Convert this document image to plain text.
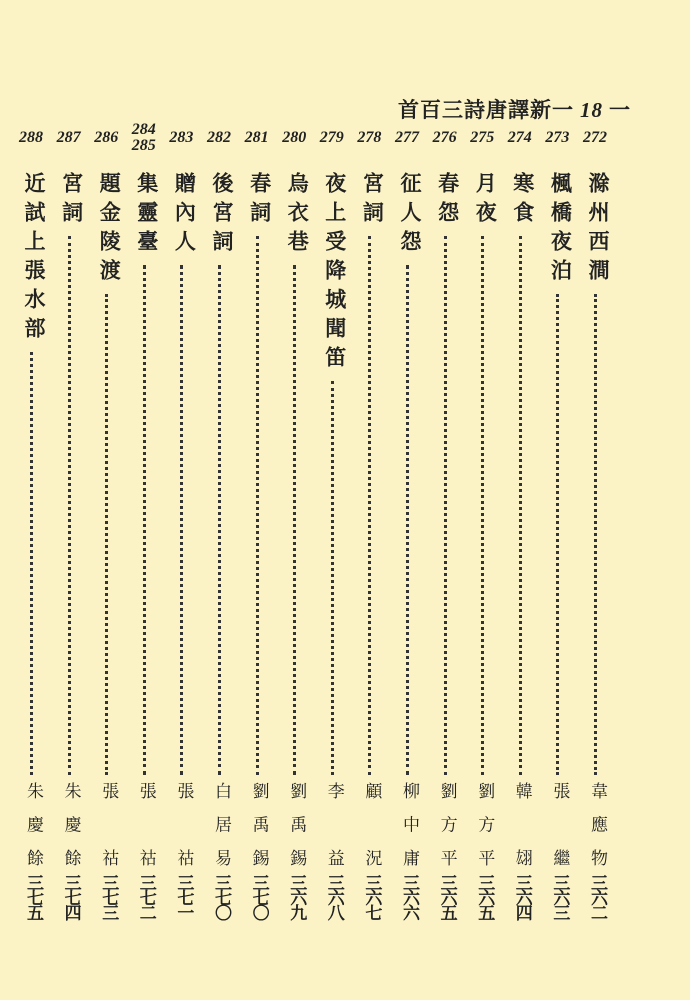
首百三詩唐譯新一 18 一
272
滁州西澗
韋應物
三六二
273
楓橋夜泊
張繼
三六三
274
寒食
韓翃
三六四
275
月夜
劉方平
三六五
276
春怨
劉方平
三六五
277
征人怨
柳中庸
三六六
278
宮詞
顧況
三六七
279
夜上受降城聞笛
李益
三六八
280
烏衣巷
劉禹錫
三六九
281
春詞
劉禹錫
三七〇
282
後宮詞
白居易
三七〇
283
贈內人
張祜
三七一
284
285
集靈臺
張祜
三七二
286
題金陵渡
張祜
三七三
287
宮詞
朱慶餘
三七四
288
近試上張水部
朱慶餘
三七五
